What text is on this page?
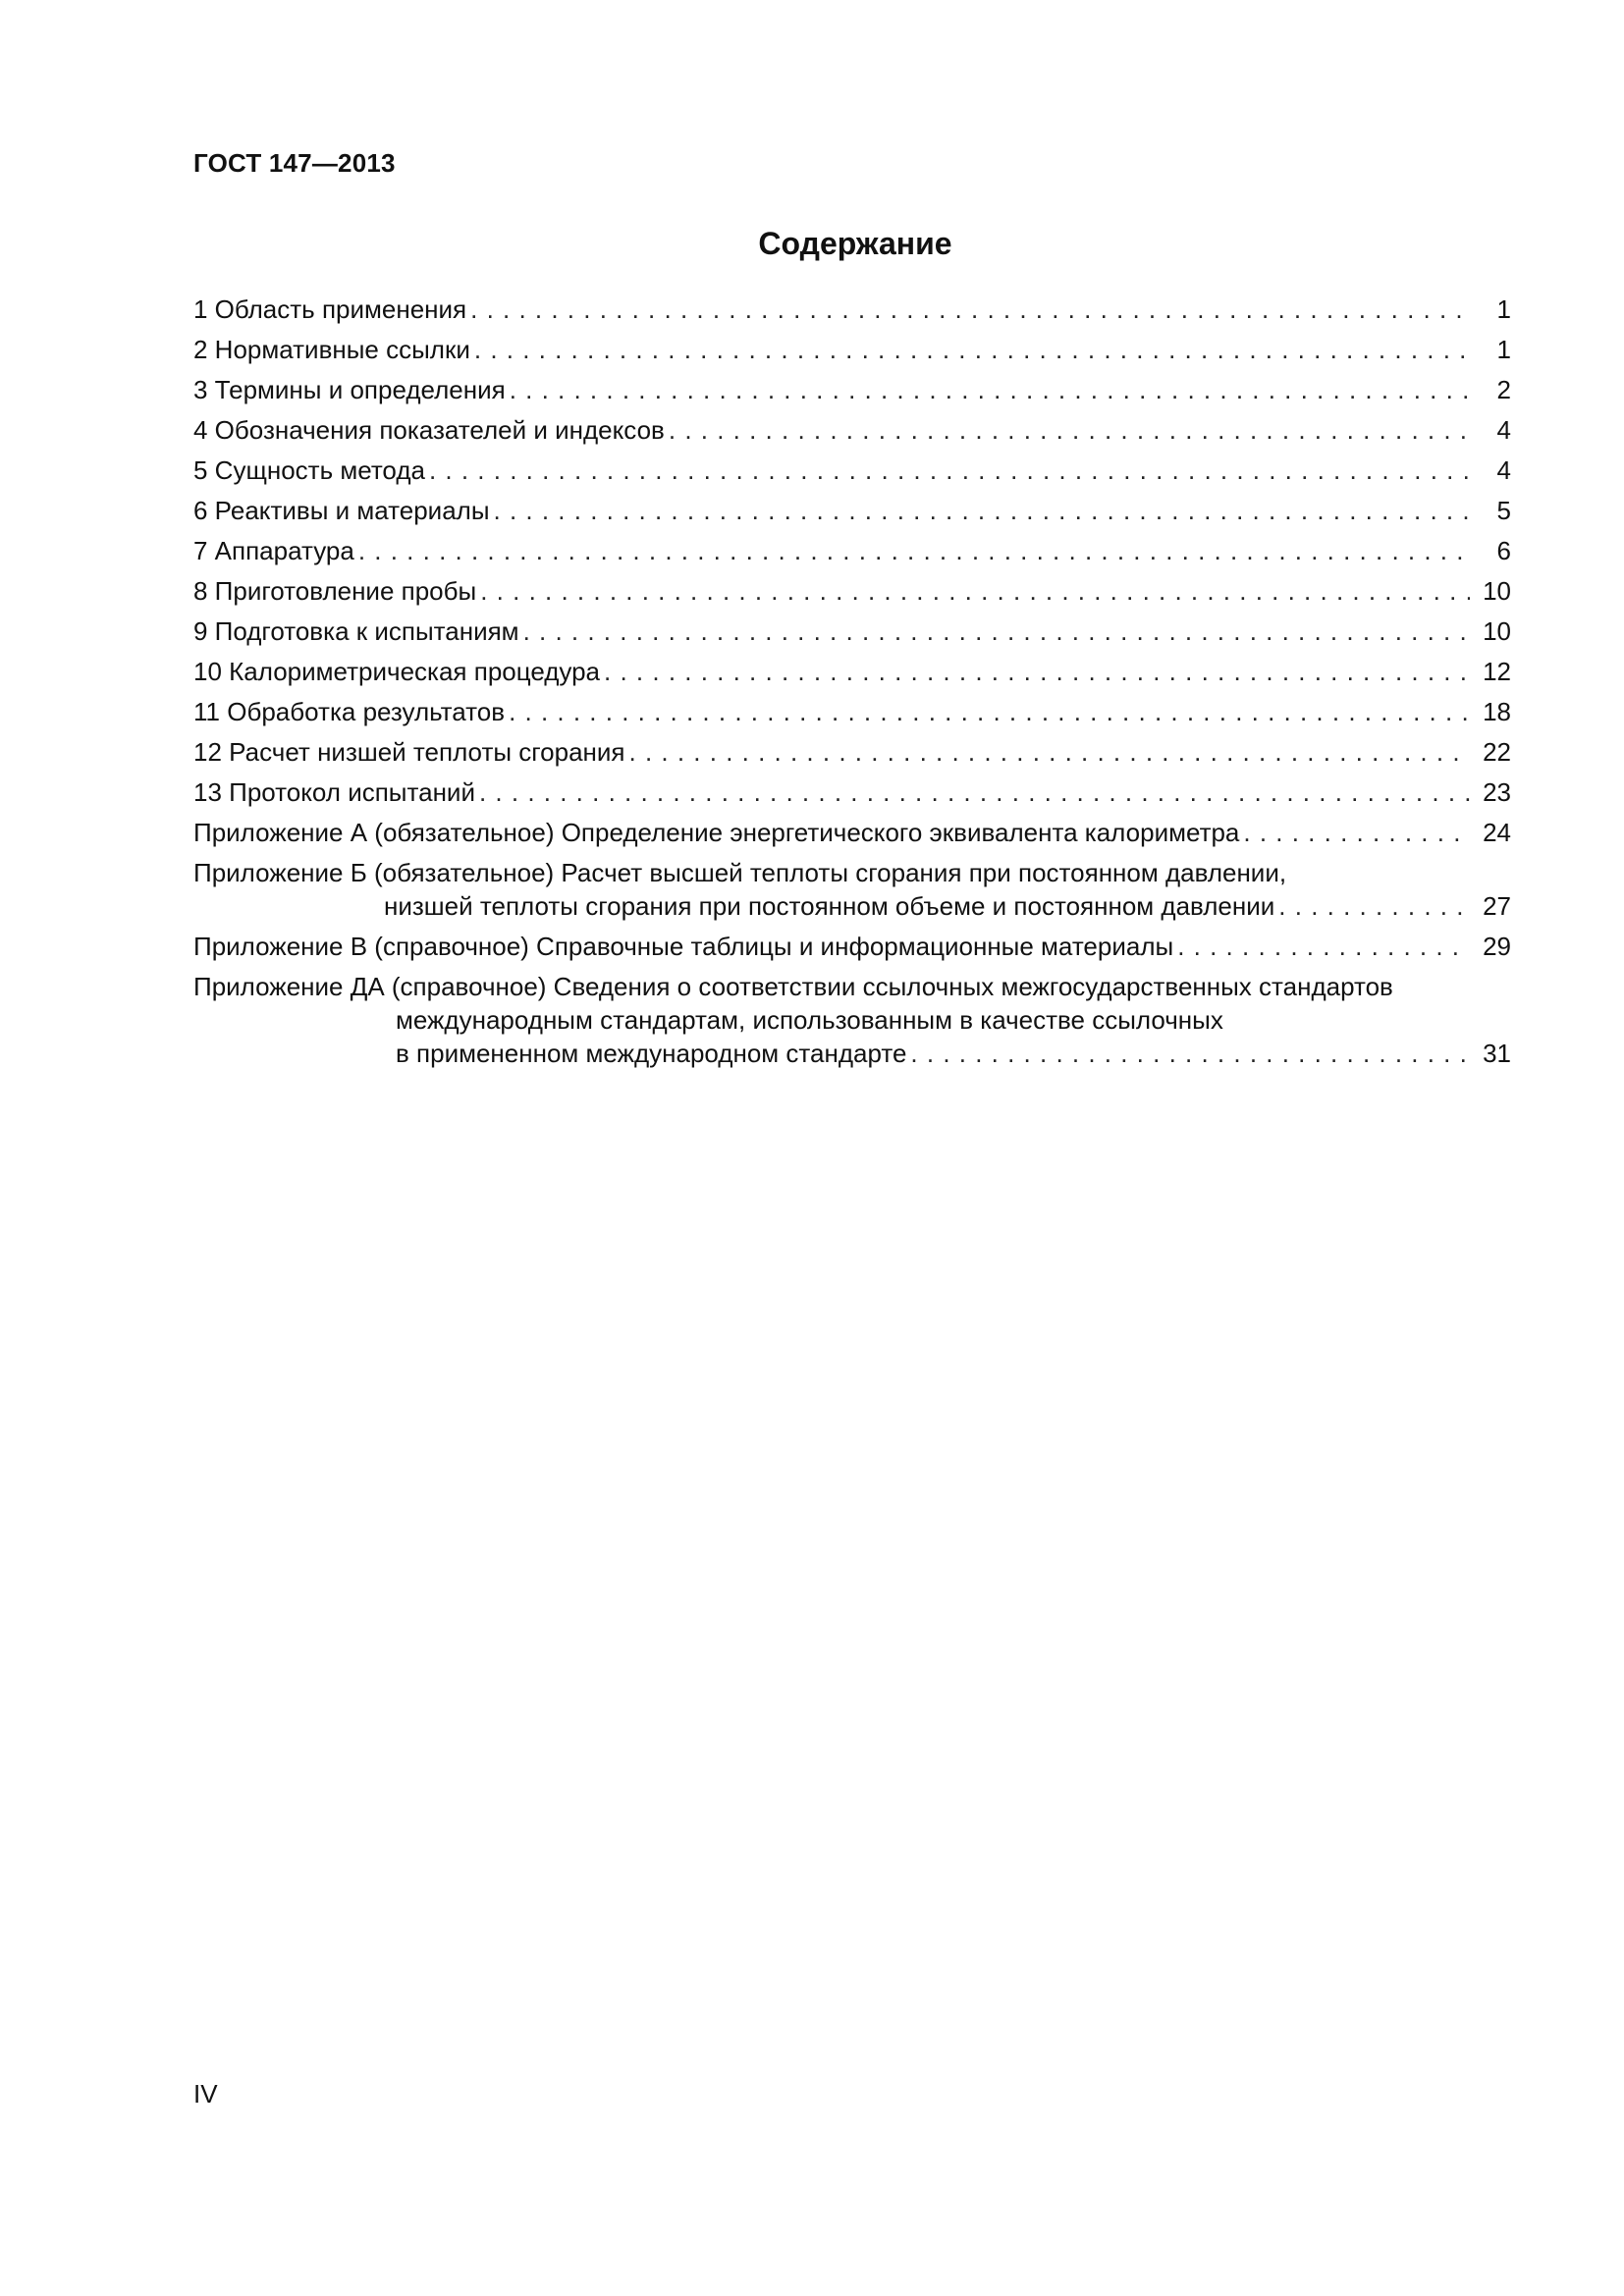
ГОСТ 147—2013
Содержание
1 Область применения . . .	1
2 Нормативные ссылки . . .	1
3 Термины и определения . . .	2
4 Обозначения показателей и индексов . . .	4
5 Сущность метода . . .	4
6 Реактивы и материалы . . .	5
7 Аппаратура . . .	6
8 Приготовление пробы . . .	10
9 Подготовка к испытаниям . . .	10
10 Калориметрическая процедура . . .	12
11 Обработка результатов . . .	18
12 Расчет низшей теплоты сгорания . . .	22
13 Протокол испытаний . . .	23
Приложение А (обязательное) Определение энергетического эквивалента калориметра . . .	24
Приложение Б (обязательное) Расчет высшей теплоты сгорания при постоянном давлении,
низшей теплоты сгорания при постоянном объеме и постоянном давлении . . .	27
Приложение В (справочное) Справочные таблицы и информационные материалы . . .	29
Приложение ДА (справочное) Сведения о соответствии ссылочных межгосударственных стандартов
международным стандартам, использованным в качестве ссылочных
в примененном международном стандарте . . .	31
IV
